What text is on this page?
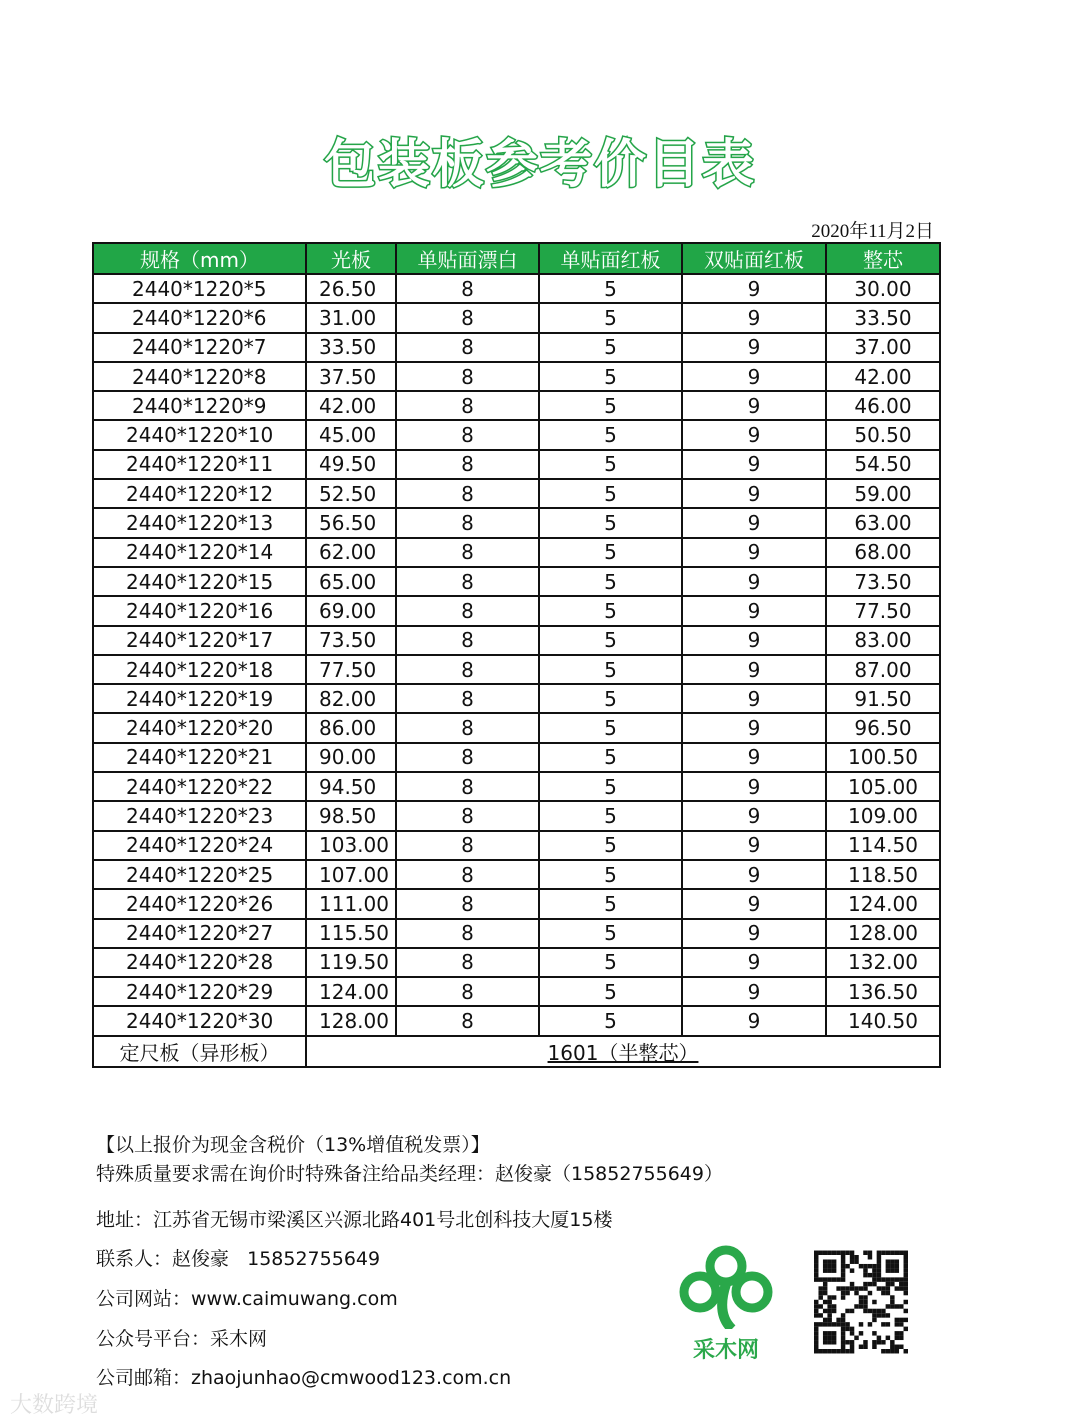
包装板参考价目表
2020年11月2日
规格（mm）	光板	单贴面漂白	单贴面红板	双贴面红板	整芯
2440*1220*5	26.50	8	5	9	30.00
2440*1220*6	31.00	8	5	9	33.50
2440*1220*7	33.50	8	5	9	37.00
2440*1220*8	37.50	8	5	9	42.00
2440*1220*9	42.00	8	5	9	46.00
2440*1220*10	45.00	8	5	9	50.50
2440*1220*11	49.50	8	5	9	54.50
2440*1220*12	52.50	8	5	9	59.00
2440*1220*13	56.50	8	5	9	63.00
2440*1220*14	62.00	8	5	9	68.00
2440*1220*15	65.00	8	5	9	73.50
2440*1220*16	69.00	8	5	9	77.50
2440*1220*17	73.50	8	5	9	83.00
2440*1220*18	77.50	8	5	9	87.00
2440*1220*19	82.00	8	5	9	91.50
2440*1220*20	86.00	8	5	9	96.50
2440*1220*21	90.00	8	5	9	100.50
2440*1220*22	94.50	8	5	9	105.00
2440*1220*23	98.50	8	5	9	109.00
2440*1220*24	103.00	8	5	9	114.50
2440*1220*25	107.00	8	5	9	118.50
2440*1220*26	111.00	8	5	9	124.00
2440*1220*27	115.50	8	5	9	128.00
2440*1220*28	119.50	8	5	9	132.00
2440*1220*29	124.00	8	5	9	136.50
2440*1220*30	128.00	8	5	9	140.50
定尺板（异形板）	1601（半整芯）				
【以上报价为现金含税价（13%增值税发票）】
特殊质量要求需在询价时特殊备注给品类经理：赵俊豪（15852755649）
地址：江苏省无锡市梁溪区兴源北路401号北创科技大厦15楼
联系人：赵俊豪   15852755649
公司网站：www.caimuwang.com
公众号平台：采木网
公司邮箱：zhaojunhao@cmwood123.com.cn
采木网
大数跨境
